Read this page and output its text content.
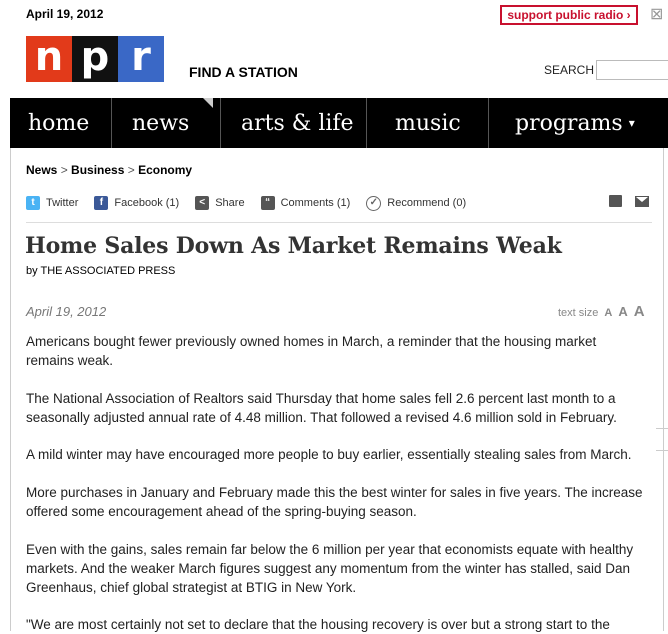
April 19, 2012	support public radio ›	⊠
n p r	FIND A STATION	SEARCH
home	news	arts & life	music	programs ▾
News > Business > Economy
t	Twitter	f	Facebook (1)	< Share	“ Comments (1)	✓ Recommend (0)
Home Sales Down As Market Remains Weak
by THE ASSOCIATED PRESS
April 19, 2012	text size A A A
Americans bought fewer previously owned homes in March, a reminder that the housing market remains weak.
The National Association of Realtors said Thursday that home sales fell 2.6 percent last month to a seasonally adjusted annual rate of 4.48 million. That followed a revised 4.6 million sold in February.
A mild winter may have encouraged more people to buy earlier, essentially stealing sales from March.
More purchases in January and February made this the best winter for sales in five years. The increase offered some encouragement ahead of the spring-buying season.
Even with the gains, sales remain far below the 6 million per year that economists equate with healthy markets. And the weaker March figures suggest any momentum from the winter has stalled, said Dan Greenhaus, chief global strategist at BTIG in New York.
"We are most certainly not set to declare that the housing recovery is over but a strong start to the
